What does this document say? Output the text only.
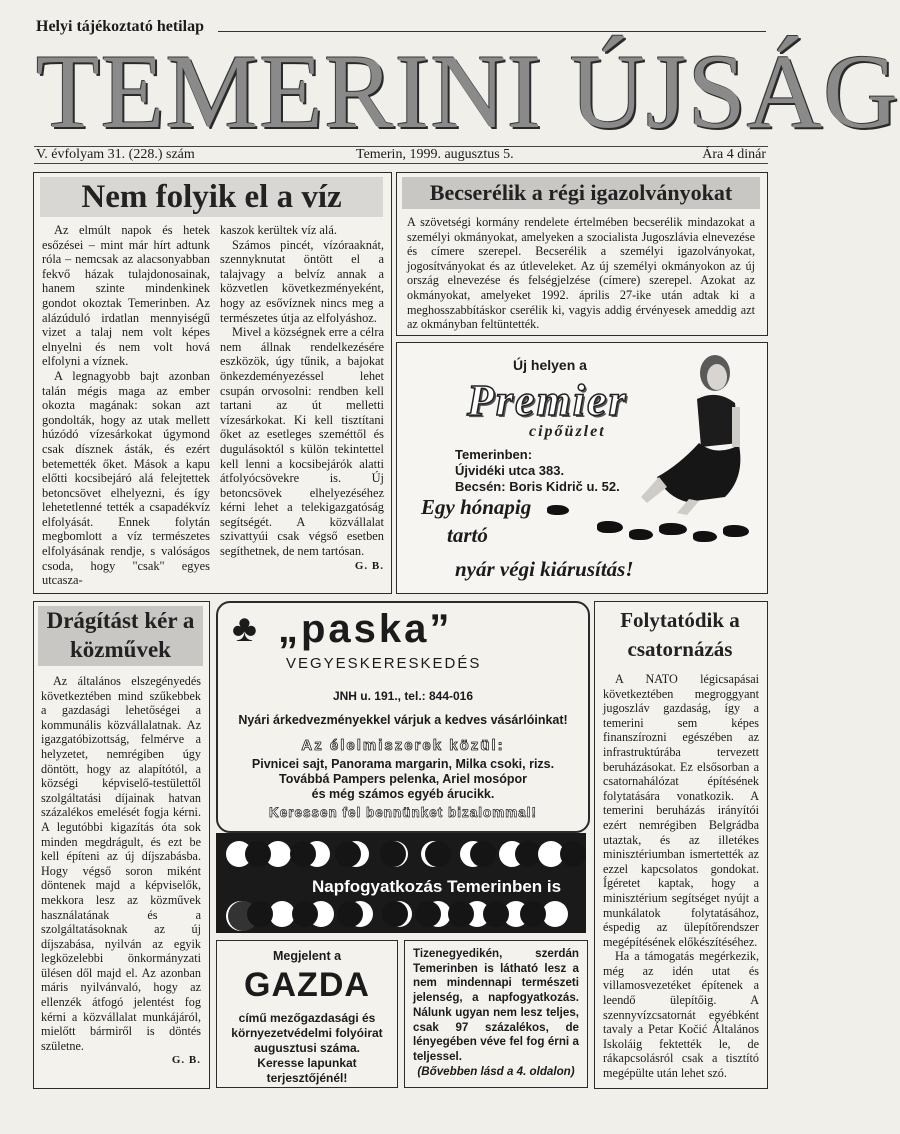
Helyi tájékoztató hetilap
TEMERINI ÚJSÁG
V. évfolyam 31. (228.) szám	Temerin, 1999. augusztus 5.	Ára 4 dinár
Nem folyik el a víz

Az elmúlt napok és hetek esőzései – mint már hírt adtunk róla – nemcsak az alacsonyabban fekvő házak tulajdonosainak, hanem szinte mindenkinek gondot okoztak Temerinben. Az alázúduló irdatlan mennyiségű vizet a talaj nem volt képes elnyelni és nem volt hová elfolyni a víznek.

A legnagyobb bajt azonban talán mégis maga az ember okozta magának: sokan azt gondolták, hogy az utak mellett húzódó vízesárkokat úgymond csak dísznek ásták, és ezért betemették őket. Mások a kapu előtti kocsibejáró alá felejtettek betoncsövet elhelyezni, és így lehetetlenné tették a csapadékvíz elfolyását. Ennek folytán megbomlott a víz természetes elfolyásának rendje, s valóságos csoda, hogy "csak" egyes utcasza-

kaszok kerültek víz alá.

Számos pincét, vízóraaknát, szennyknutat öntött el a talajvagy a belvíz annak a közvetlen következményeként, hogy az esővíznek nincs meg a természetes útja az elfolyáshoz.

Mivel a községnek erre a célra nem állnak rendelkezésére eszközök, úgy tűnik, a bajokat önkezdeményezéssel lehet csupán orvosolni: rendben kell tartani az út melletti vízesárkokat. Ki kell tisztítani őket az esetleges szeméttől és dugulásoktól s külön tekintettel kell lenni a kocsibejárók alatti átfolyócsövekre is. Új betoncsövek elhelyezéséhez kérni lehet a telekigazgatóság segítségét. A közvállalat szivattyúi csak végső esetben segíthetnek, de nem tartósan.

G. B.
Becserélik a régi igazolványokat
A szövetségi kormány rendelete értelmében becserélik mindazokat a személyi okmányokat, amelyeken a szocialista Jugoszlávia elnevezése és címere szerepel. Becserélik a személyi igazolványokat, jogosítványokat és az útleveleket. Az új személyi okmányokon az új ország elnevezése és felségjelzése (címere) szerepel. Azokat az okmányokat, amelyeket 1992. április 27-ike után adtak ki a meghosszabbításkor cserélik ki, vagyis addig érvényesek ameddig azt az okmányban feltüntették.
Új helyen a
Premier
cipőüzlet
Temerinben:
Újvidéki utca 383.
Becsén: Boris Kidrič u. 52.
Egy hónapig
tartó
nyár végi kiárusítás!
Drágítást kér a közművek

Az általános elszegényedés következtében mind szűkebbek a gazdasági lehetőségei a kommunális közvállalatnak. Az igazgatóbizottság, felmérve a helyzetet, nemrégiben úgy döntött, hogy az alapítótól, a községi képviselő-testülettől szolgáltatási díjainak hatvan százalékos emelését fogja kérni. A legutóbbi kigazítás óta sok minden megdrágult, és ezt be kell építeni az új díjszabásba. Hogy végső soron miként döntenek majd a képviselők, mekkora lesz az közművek használatának és a szolgáltatásoknak az új díjszabása, nyilván az egyik legközelebbi önkormányzati ülésen dől majd el. Az azonban máris nyilvánvaló, hogy az ellenzék átfogó jelentést fog kérni a közvállalat munkájáról, mielőtt bármiről is döntés születne.

G. B.
♣ „paska”
VEGYESKERESKEDÉS
JNH u. 191., tel.: 844-016
Nyári árkedvezményekkel várjuk a kedves vásárlóinkat!
Az élelmiszerek közül:
Pivnicei sajt, Panorama margarin, Milka csoki, rizs.
Továbbá Pampers pelenka, Ariel mosópor
és még számos egyéb árucikk.
Keressen fel bennünket bizalommal!
Napfogyatkozás Temerinben is
Megjelent a
GAZDA
című mezőgazdasági és
környezetvédelmi folyóirat
augusztusi száma.
Keresse lapunkat terjesztőjénél!
Tizenegyedikén, szerdán Temerinben is látható lesz a nem mindennapi természeti jelenség, a napfogyatkozás. Nálunk ugyan nem lesz teljes, csak 97 százalékos, de lényegében véve fel fog érni a teljessel.
(Bővebben lásd a 4. oldalon)
Folytatódik a csatornázás

A NATO légicsapásai következtében megroggyant jugoszláv gazdaság, így a temerini sem képes finanszírozni egészében az infrastruktúrába tervezett beruházásokat. Ez elsősorban a csatornahálózat építésének folytatására vonatkozik. A temerini beruházás irányítói ezért nemrégiben Belgrádba utaztak, és az illetékes minisztériumban ismertették az ezzel kapcsolatos gondokat. Ígéretet kaptak, hogy a minisztérium segítséget nyújt a munkálatok folytatásához, éspedig az ülepítőrendszer megépítésének előkészítéséhez.

Ha a támogatás megérkezik, még az idén utat és villamosvezetéket építenek a leendő ülepítőig. A szennyvízcsatornát egyébként tavaly a Petar Kočić Általános Iskoláig fektették le, de rákapcsolásról csak a tisztító megépülte után lehet szó.
